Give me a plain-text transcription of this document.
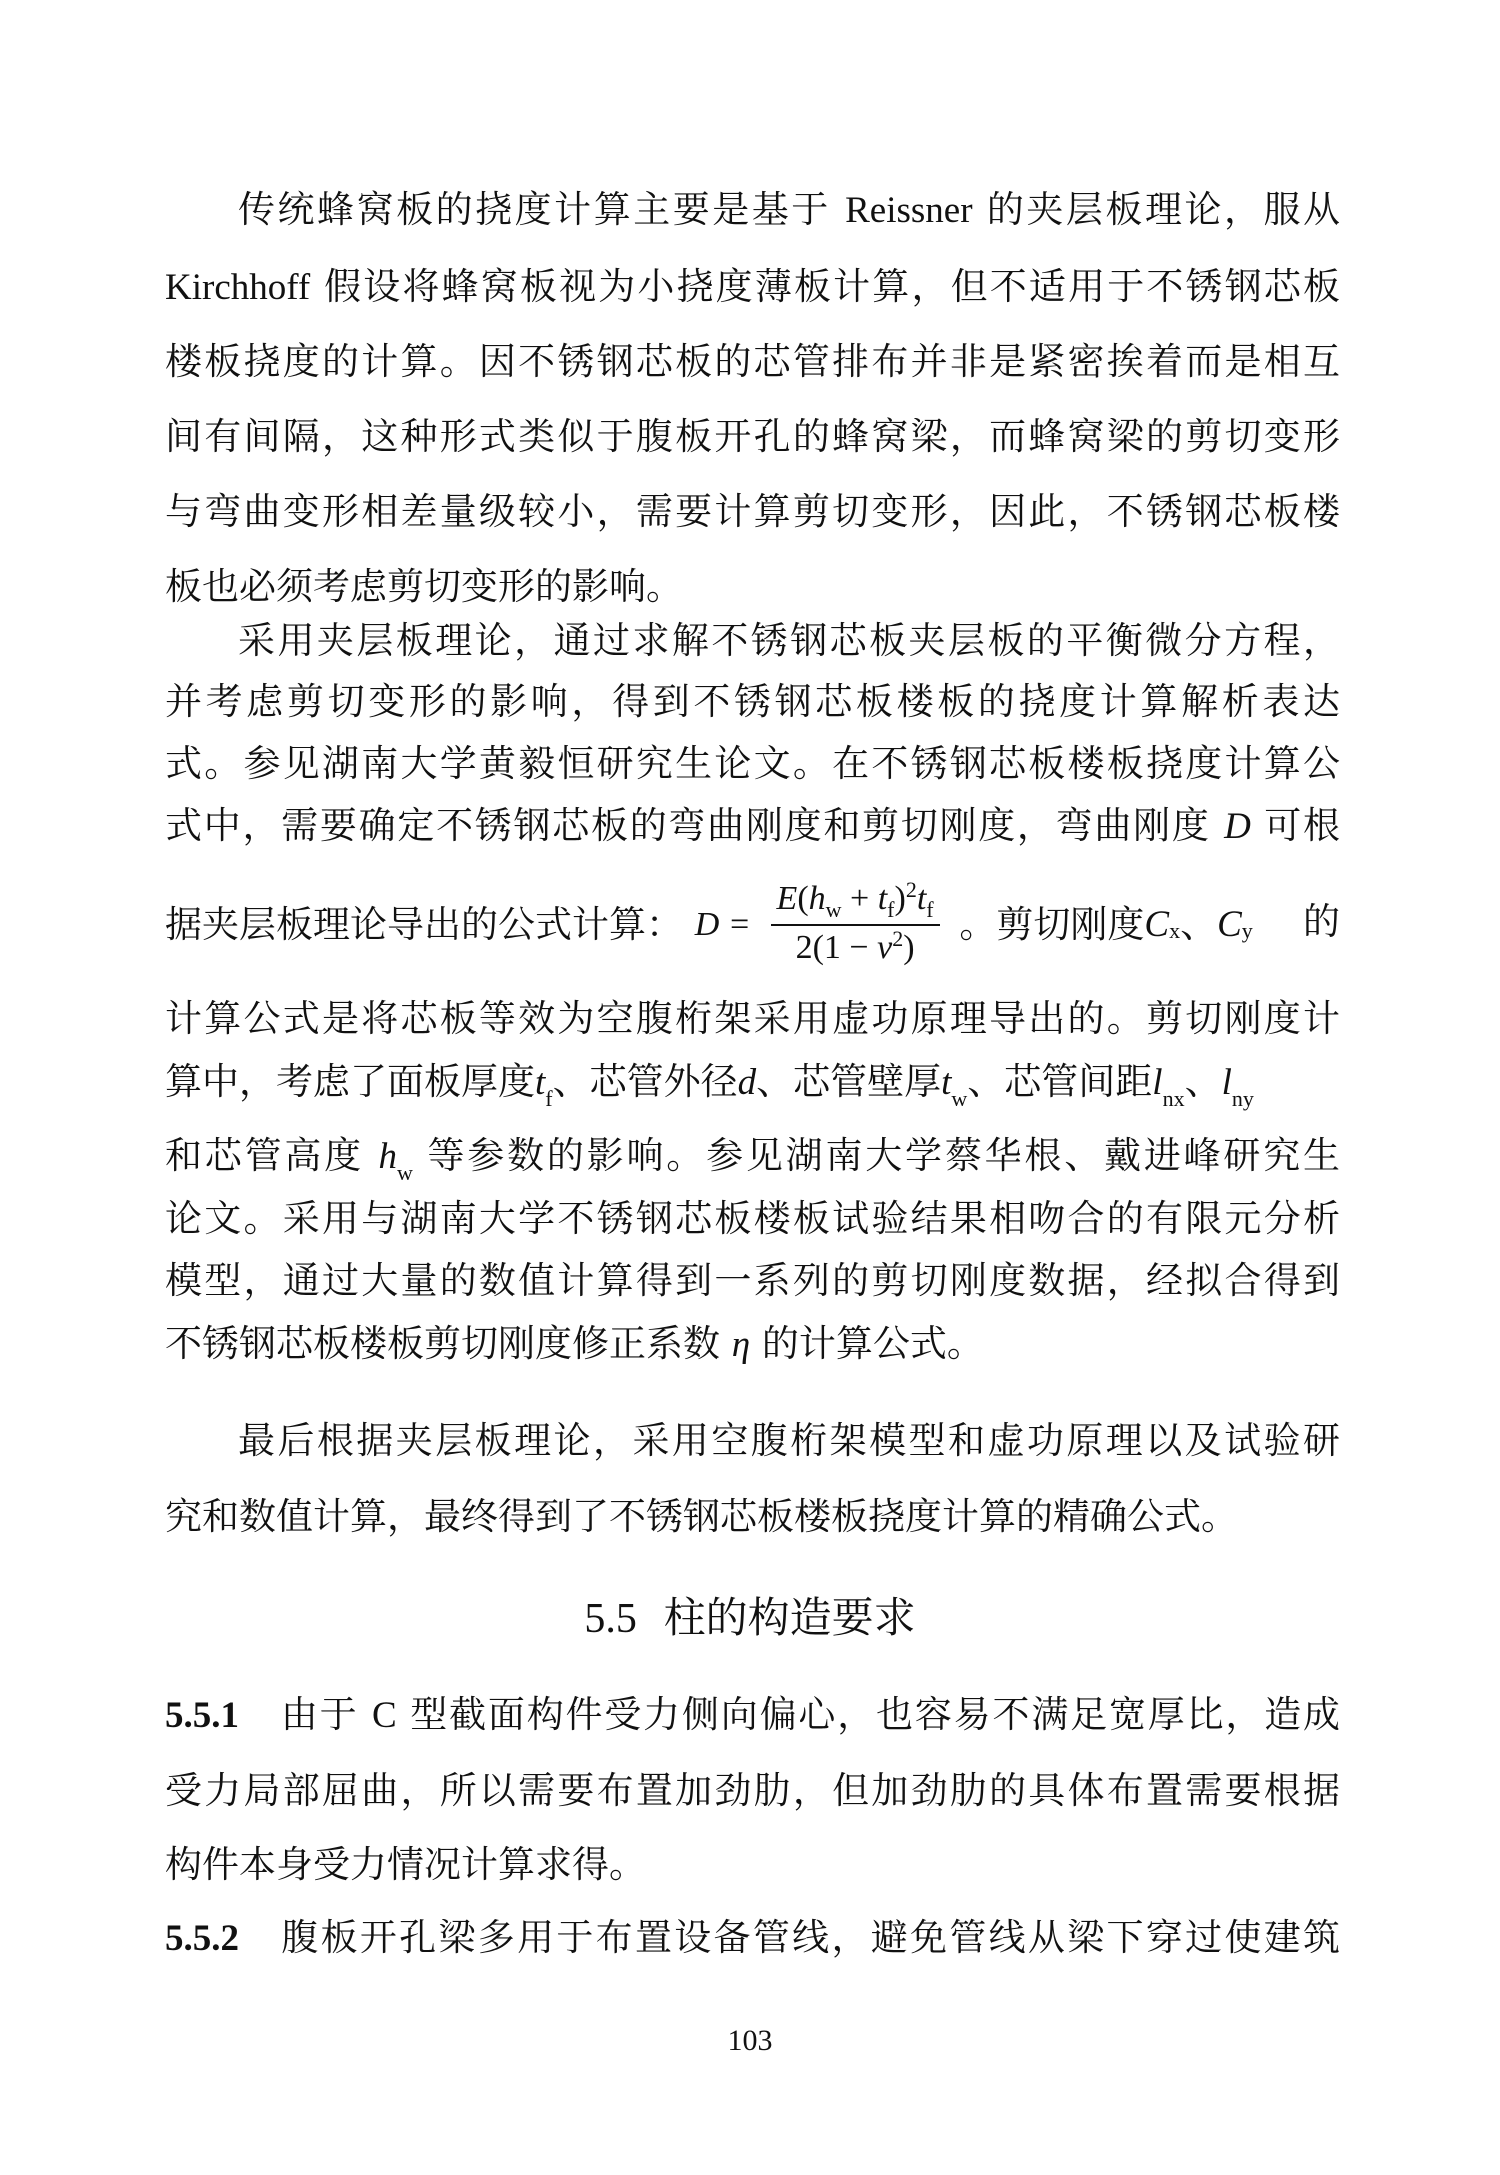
传统蜂窝板的挠度计算主要是基于 Reissner 的夹层板理论，服从
Kirchhoff 假设将蜂窝板视为小挠度薄板计算，但不适用于不锈钢芯板
楼板挠度的计算。因不锈钢芯板的芯管排布并非是紧密挨着而是相互
间有间隔，这种形式类似于腹板开孔的蜂窝梁，而蜂窝梁的剪切变形
与弯曲变形相差量级较小，需要计算剪切变形，因此，不锈钢芯板楼
板也必须考虑剪切变形的影响。
采用夹层板理论，通过求解不锈钢芯板夹层板的平衡微分方程，
并考虑剪切变形的影响，得到不锈钢芯板楼板的挠度计算解析表达
式。参见湖南大学黄毅恒研究生论文。在不锈钢芯板楼板挠度计算公
式中，需要确定不锈钢芯板的弯曲刚度和剪切刚度，弯曲刚度 D 可根
据夹层板理论导出的公式计算： $D = \frac{E(h_w + t_f)^2t_f}{2(1 - \nu^2)}$ 。剪切刚度Cx、Cy 的
计算公式是将芯板等效为空腹桁架采用虚功原理导出的。剪切刚度计
算中，考虑了面板厚度$t_f$、芯管外径d、芯管壁厚$t_w$、芯管间距$l_{nx}$、$l_{ny}$
和芯管高度 $h_w$ 等参数的影响。参见湖南大学蔡华根、戴进峰研究生
论文。采用与湖南大学不锈钢芯板楼板试验结果相吻合的有限元分析
模型，通过大量的数值计算得到一系列的剪切刚度数据，经拟合得到
不锈钢芯板楼板剪切刚度修正系数 η 的计算公式。
最后根据夹层板理论，采用空腹桁架模型和虚功原理以及试验研
究和数值计算，最终得到了不锈钢芯板楼板挠度计算的精确公式。
5.5 柱的构造要求
5.5.1 由于 C 型截面构件受力侧向偏心，也容易不满足宽厚比，造成
受力局部屈曲，所以需要布置加劲肋，但加劲肋的具体布置需要根据
构件本身受力情况计算求得。
5.5.2 腹板开孔梁多用于布置设备管线，避免管线从梁下穿过使建筑
103
